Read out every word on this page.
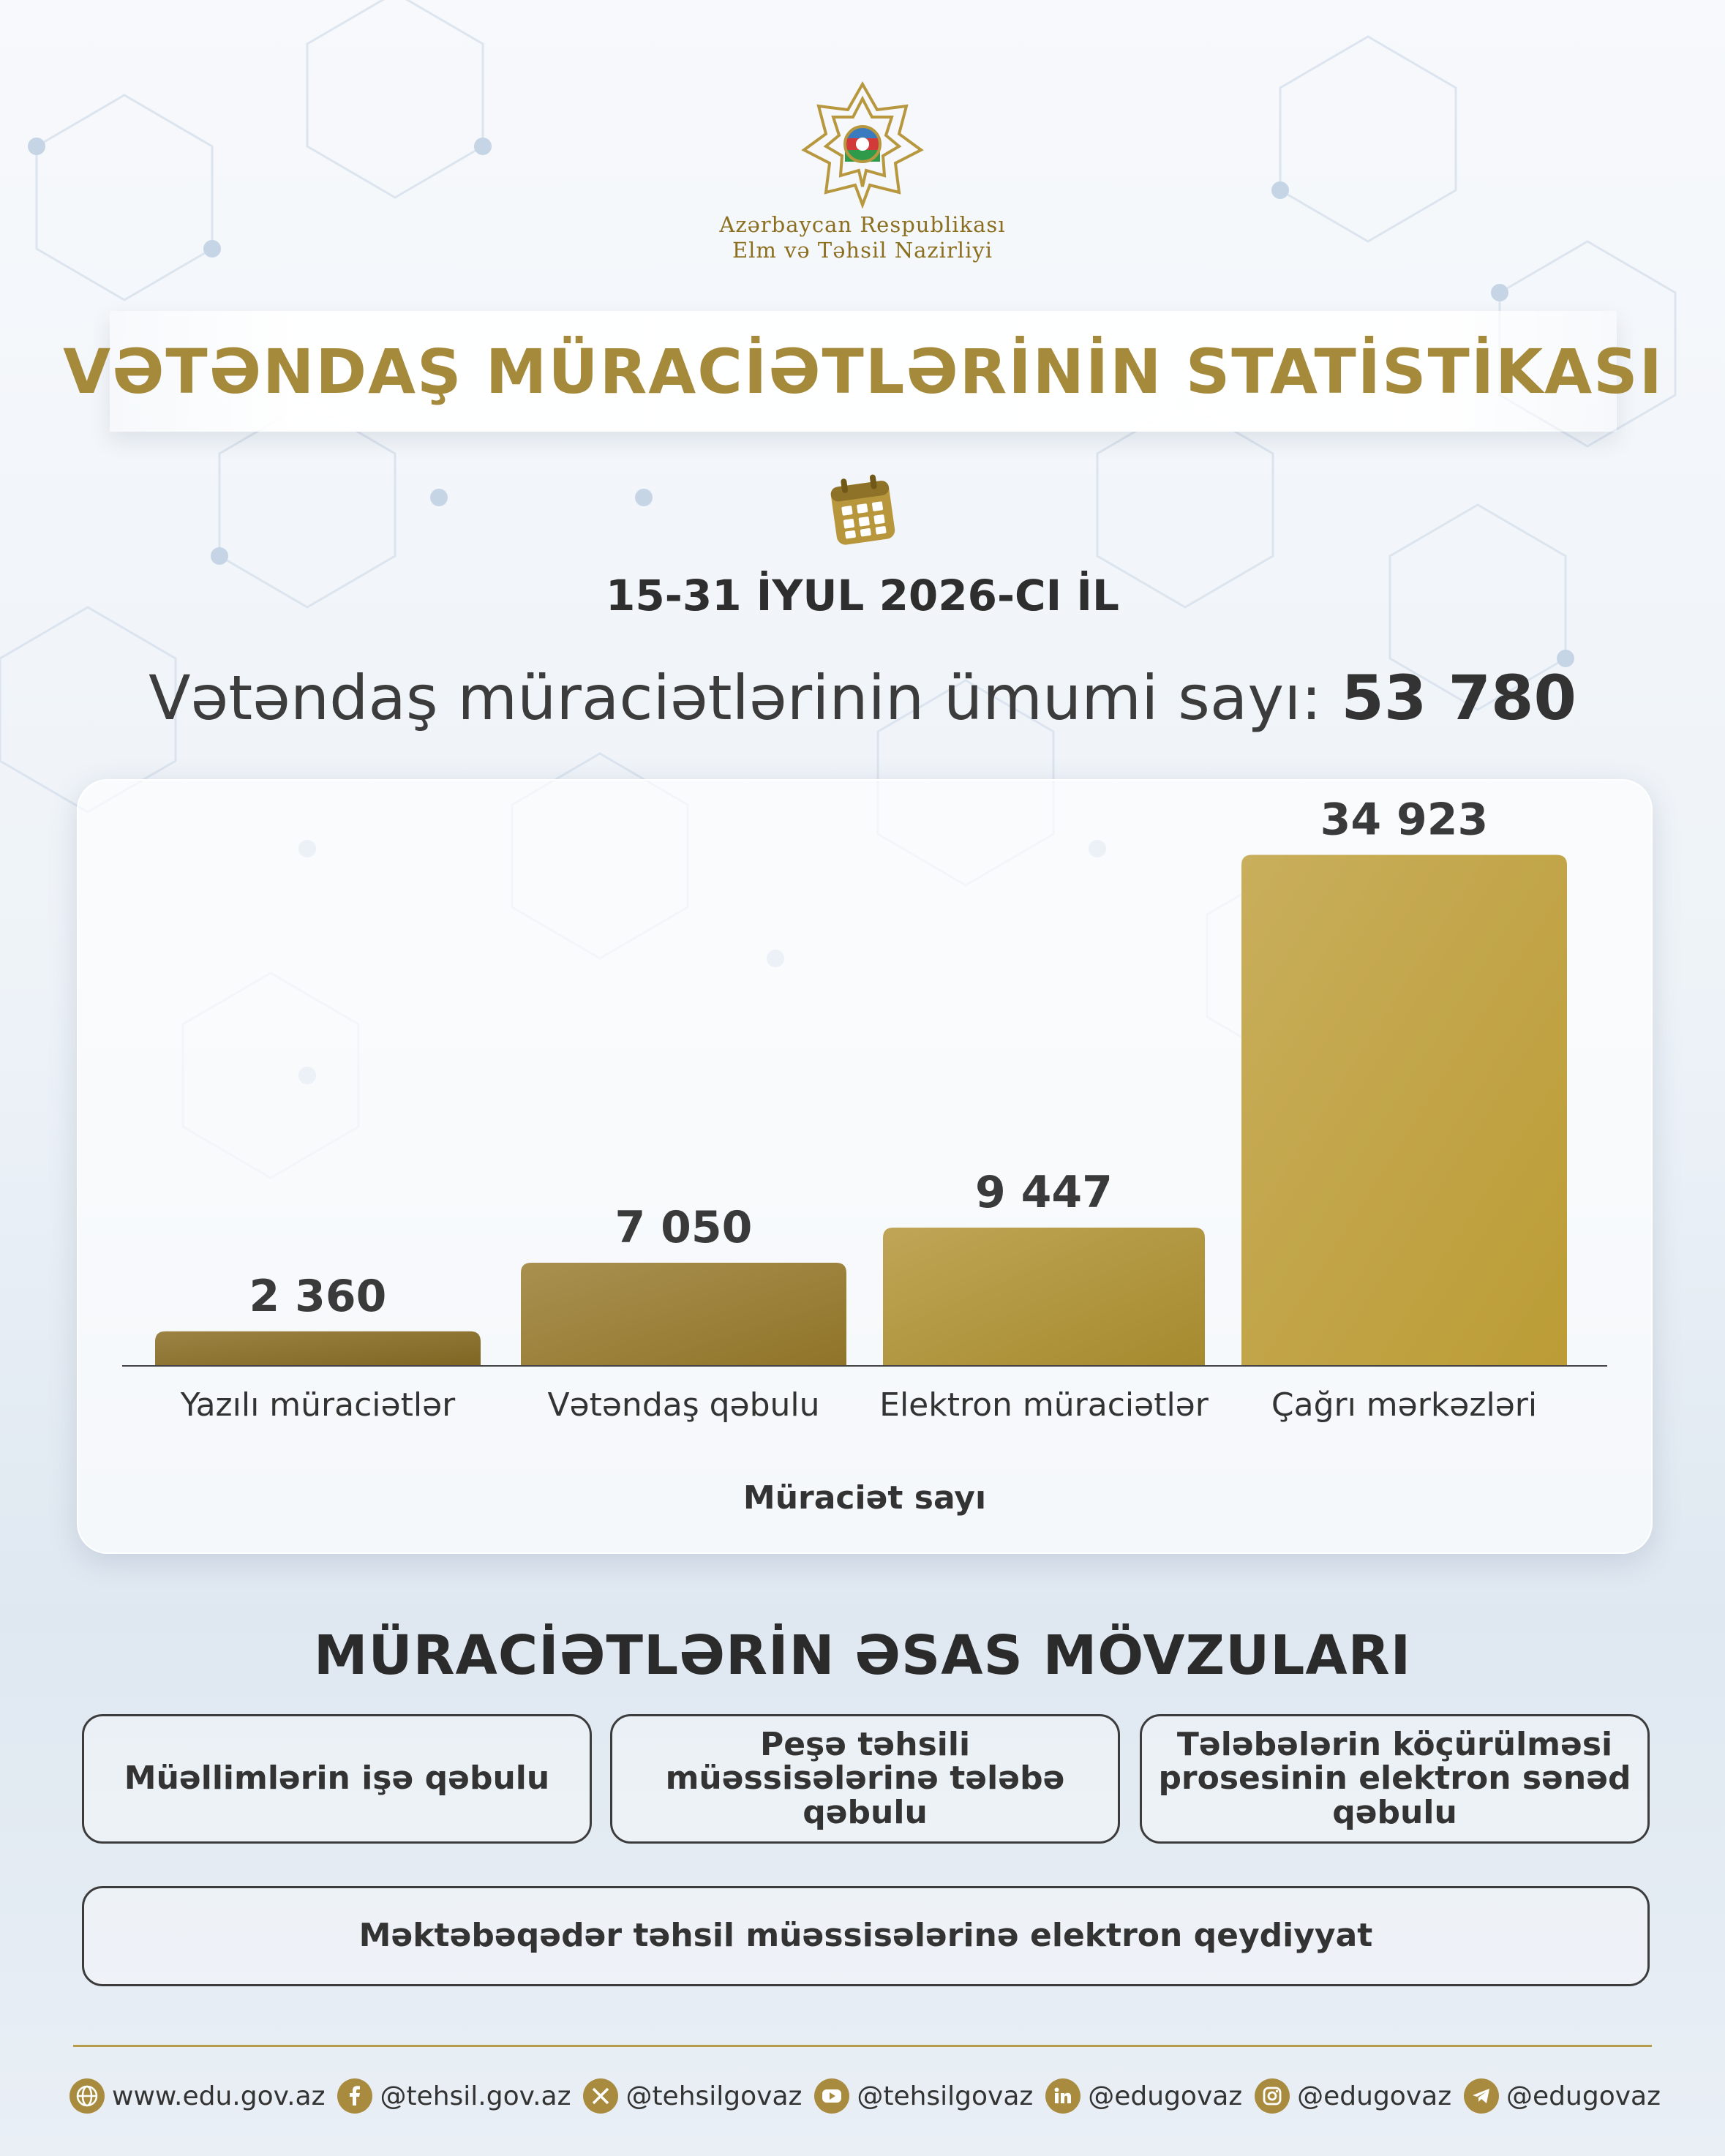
Azərbaycan Respublikası
Elm və Təhsil Nazirliyi
VƏTƏNDAŞ MÜRACİƏTLƏRİNİN STATİSTİKASI
15-31 İYUL 2026-CI İL
Vətəndaş müraciətlərinin ümumi sayı: 53 780
2 360
Yazılı müraciətlər
7 050
Vətəndaş qəbulu
9 447
Elektron müraciətlər
34 923
Çağrı mərkəzləri
Müraciət sayı
MÜRACİƏTLƏRİN ƏSAS MÖVZULARI
Müəllimlərin işə qəbulu
Peşə təhsili müəssisələrinə tələbə qəbulu
Tələbələrin köçürülməsi prosesinin elektron sənəd qəbulu
Məktəbəqədər təhsil müəssisələrinə elektron qeydiyyat
www.edu.gov.az @tehsil.gov.az @tehsilgovaz @tehsilgovaz @edugovaz @edugovaz @edugovaz
